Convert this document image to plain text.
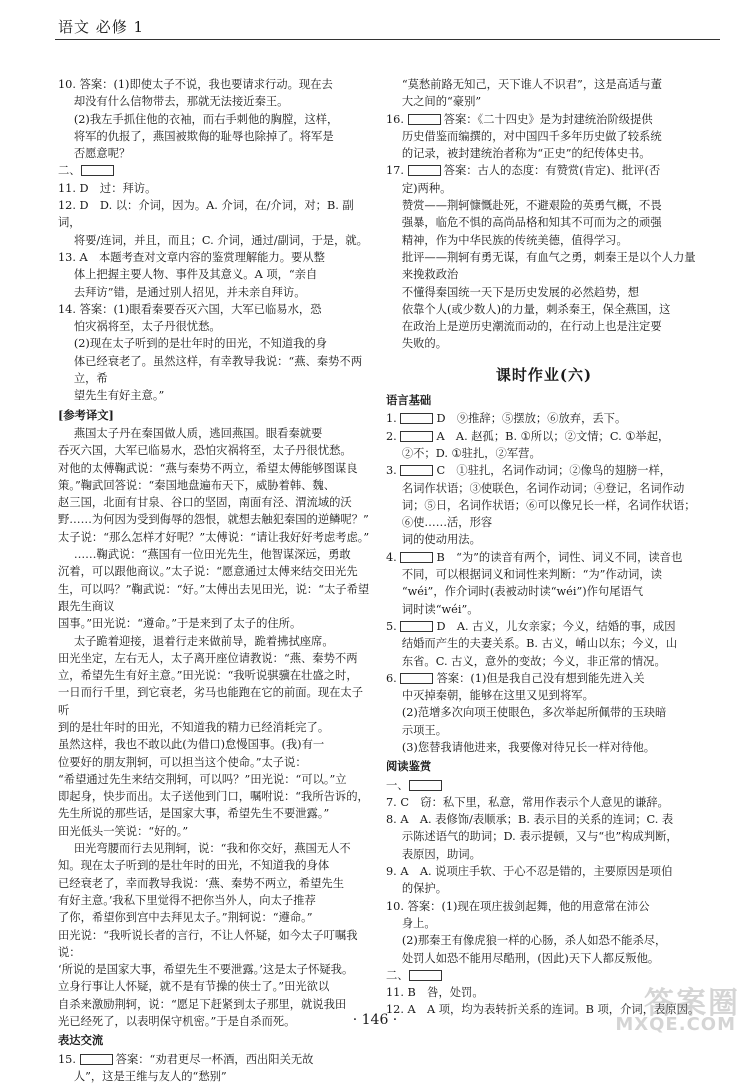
语文 必修 1
10. 答案：(1)即使太子不说，我也要请求行动。现在去
却没有什么信物带去，那就无法接近秦王。
(2)我左手抓住他的衣袖，而右手刺他的胸膛，这样，
将军的仇报了，燕国被欺侮的耻辱也除掉了。将军是
否愿意呢？
二、
11. D　过：拜访。
12. D　D. 以：介词，因为。A. 介词，在/介词，对；B. 副词，
将要/连词，并且，而且；C. 介词，通过/副词，于是，就。
13. A　本题考查对文章内容的鉴赏理解能力。要从整
体上把握主要人物、事件及其意义。A 项，“亲自
去拜访”错，是通过别人招见，并未亲自拜访。
14. 答案：(1)眼看秦要吞灭六国，大军已临易水，恐
怕灾祸将至，太子丹很忧愁。
(2)现在太子听到的是壮年时的田光，不知道我的身
体已经衰老了。虽然这样，有幸教导我说：“燕、秦势不两立，希
望先生有好主意。”
[参考译文]
燕国太子丹在秦国做人质，逃回燕国。眼看秦就要
吞灭六国，大军已临易水，恐怕灾祸将至，太子丹很忧愁。
对他的太傅鞠武说：“燕与秦势不两立，希望太傅能够图谋良
策。”鞠武回答说：“秦国地盘遍布天下，威胁着韩、魏、
赵三国，北面有甘泉、谷口的坚固，南面有泾、渭流域的沃
野……为何因为受到侮辱的怨恨，就想去触犯秦国的逆鳞呢？”
太子说：“那么怎样才好呢？”太傅说：“请让我好好考虑考虑。”
……鞠武说：“燕国有一位田光先生，他智谋深远，勇敢
沉着，可以跟他商议。”太子说：“愿意通过太傅来结交田光先
生，可以吗？”鞠武说：“好。”太傅出去见田光，说：“太子希望跟先生商议
国事。”田光说：“遵命。”于是来到了太子的住所。
太子跪着迎接，退着行走来做前导，跪着拂拭座席。
田光坐定，左右无人，太子离开座位请教说：“燕、秦势不两
立，希望先生有好主意。”田光说：“我听说骐骥在壮盛之时，
一日而行千里，到它衰老，劣马也能跑在它的前面。现在太子听
到的是壮年时的田光，不知道我的精力已经消耗完了。
虽然这样，我也不敢以此(为借口)怠慢国事。(我)有一
位要好的朋友荆轲，可以担当这个使命。”太子说：
“希望通过先生来结交荆轲，可以吗？”田光说：“可以。”立
即起身，快步而出。太子送他到门口，嘱咐说：“我所告诉的，
先生所说的那些话，是国家大事，希望先生不要泄露。”
田光低头一笑说：“好的。”
田光弯腰而行去见荆轲，说：“我和你交好，燕国无人不
知。现在太子听到的是壮年时的田光，不知道我的身体
已经衰老了，幸而教导我说：‘燕、秦势不两立，希望先生
有好主意。’我私下里觉得不把你当外人，向太子推荐
了你，希望你到宫中去拜见太子。”荆轲说：“遵命。”
田光说：“我听说长者的言行，不让人怀疑，如今太子叮嘱我说：
‘所说的是国家大事，希望先生不要泄露。’这是太子怀疑我。
立身行事让人怀疑，就不是有节操的侠士了。”田光欲以
自杀来激励荆轲，说：“愿足下赶紧到太子那里，就说我田
光已经死了，以表明保守机密。”于是自杀而死。
表达交流
15.	答案：“劝君更尽一杯酒，西出阳关无故
人”，这是王维与友人的“愁别”
“莫愁前路无知己，天下谁人不识君”，这是高适与董
大之间的“豪别”
16.	答案：《二十四史》是为封建统治阶级提供
历史借鉴而编撰的，对中国四千多年历史做了较系统
的记录，被封建统治者称为“正史”的纪传体史书。
17.	答案：古人的态度：有赞赏(肯定)、批评(否
定)两种。
赞赏——荆轲慷慨赴死，不避艰险的英勇气概，不畏
强暴，临危不惧的高尚品格和知其不可而为之的顽强
精神，作为中华民族的传统美德，值得学习。
批评——荆轲有勇无谋，有血气之勇，刺秦王是以个人力量来挽救政治
不懂得秦国统一天下是历史发展的必然趋势，想
依靠个人(或少数人)的力量，刺杀秦王，保全燕国，这
在政治上是逆历史潮流而动的，在行动上也是注定要
失败的。
课时作业(六)
语言基础
1.	D　⑨推辞；⑤摆放；⑥放弃，丢下。
2.	A　A. 赵孤；B. ①所以；②文情；C. ①举起，
②不；D. ①驻扎，②军营。
3.	C　①驻扎，名词作动词；②像鸟的翅膀一样，
名词作状语；③使联色，名词作动词；④登记，名词作动
词；⑤日，名词作状语；⑥可以像兄长一样，名词作状语；⑥使……活，形容
词的使动用法。
4.	B　“为”的读音有两个，词性、词义不同，读音也
不同，可以根据词义和词性来判断：“为”作动词，读
“wéi”，作介词时(表被动时读“wéi”)作句尾语气
词时读“wéi”。
5.	D　A. 古义，儿女亲家；今义，结婚的事，成因
结婚而产生的夫妻关系。B. 古义，崤山以东；今义，山
东省。C. 古义，意外的变故；今义，非正常的情况。
6.	答案：(1)但是我自己没有想到能先进入关
中灭掉秦朝，能够在这里又见到将军。
(2)范增多次向项王使眼色，多次举起所佩带的玉玦暗
示项王。
(3)您替我请他进来，我要像对待兄长一样对待他。
阅读鉴赏
一、
7. C　窃：私下里，私意，常用作表示个人意见的谦辞。
8. A　A. 表修饰/表顺承；B. 表示目的关系的连词；C. 表
示陈述语气的助词；D. 表示提顿，又与“也”构成判断，
表原因，助词。
9. A　A. 说项庄手软、于心不忍是错的，主要原因是项伯
的保护。
10. 答案：(1)现在项庄拔剑起舞，他的用意常在沛公
身上。
(2)那秦王有像虎狼一样的心肠，杀人如恐不能杀尽，
处罚人如恐不能用尽酷刑，(因此)天下人都反叛他。
二、
11. B　咎，处罚。
12. A　A 项，均为表转折关系的连词。B 项，介词，表原因。
· 146 ·	答案圈
MXQE.COM
